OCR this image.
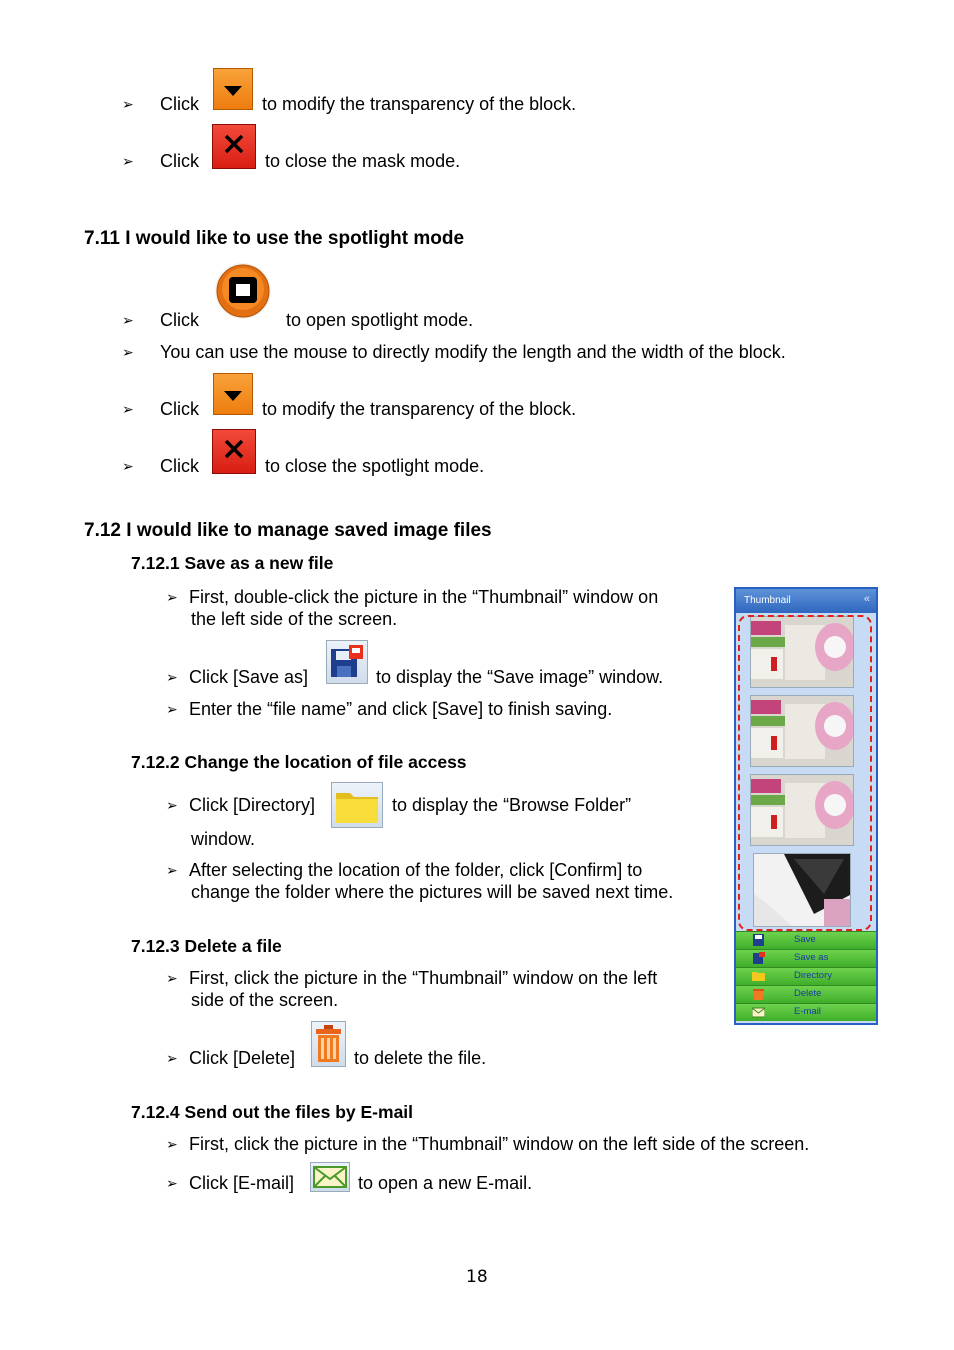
➢ Click	to modify the transparency of the block.
➢ Click	to close the mask mode.
7.11 I would like to use the spotlight mode
➢ Click	to open spotlight mode.
➢ You can use the mouse to directly modify the length and the width of the block.
➢ Click	to modify the transparency of the block.
➢ Click	to close the spotlight mode.
7.12 I would like to manage saved image files
7.12.1 Save as a new file
➢ First, double-click the picture in the “Thumbnail” window on
the left side of the screen.
➢ Click [Save as]	to display the “Save image” window.
➢ Enter the “file name” and click [Save] to finish saving.
7.12.2 Change the location of file access
➢ Click [Directory]	to display the “Browse Folder”
window.
➢ After selecting the location of the folder, click [Confirm] to
change the folder where the pictures will be saved next time.
7.12.3 Delete a file
➢ First, click the picture in the “Thumbnail” window on the left
side of the screen.
➢ Click [Delete]	to delete the file.
7.12.4 Send out the files by E-mail
➢ First, click the picture in the “Thumbnail” window on the left side of the screen.
➢ Click [E-mail]	to open a new E-mail.
Thumbnail	«
Save
Save as
Directory
Delete
E-mail
18
